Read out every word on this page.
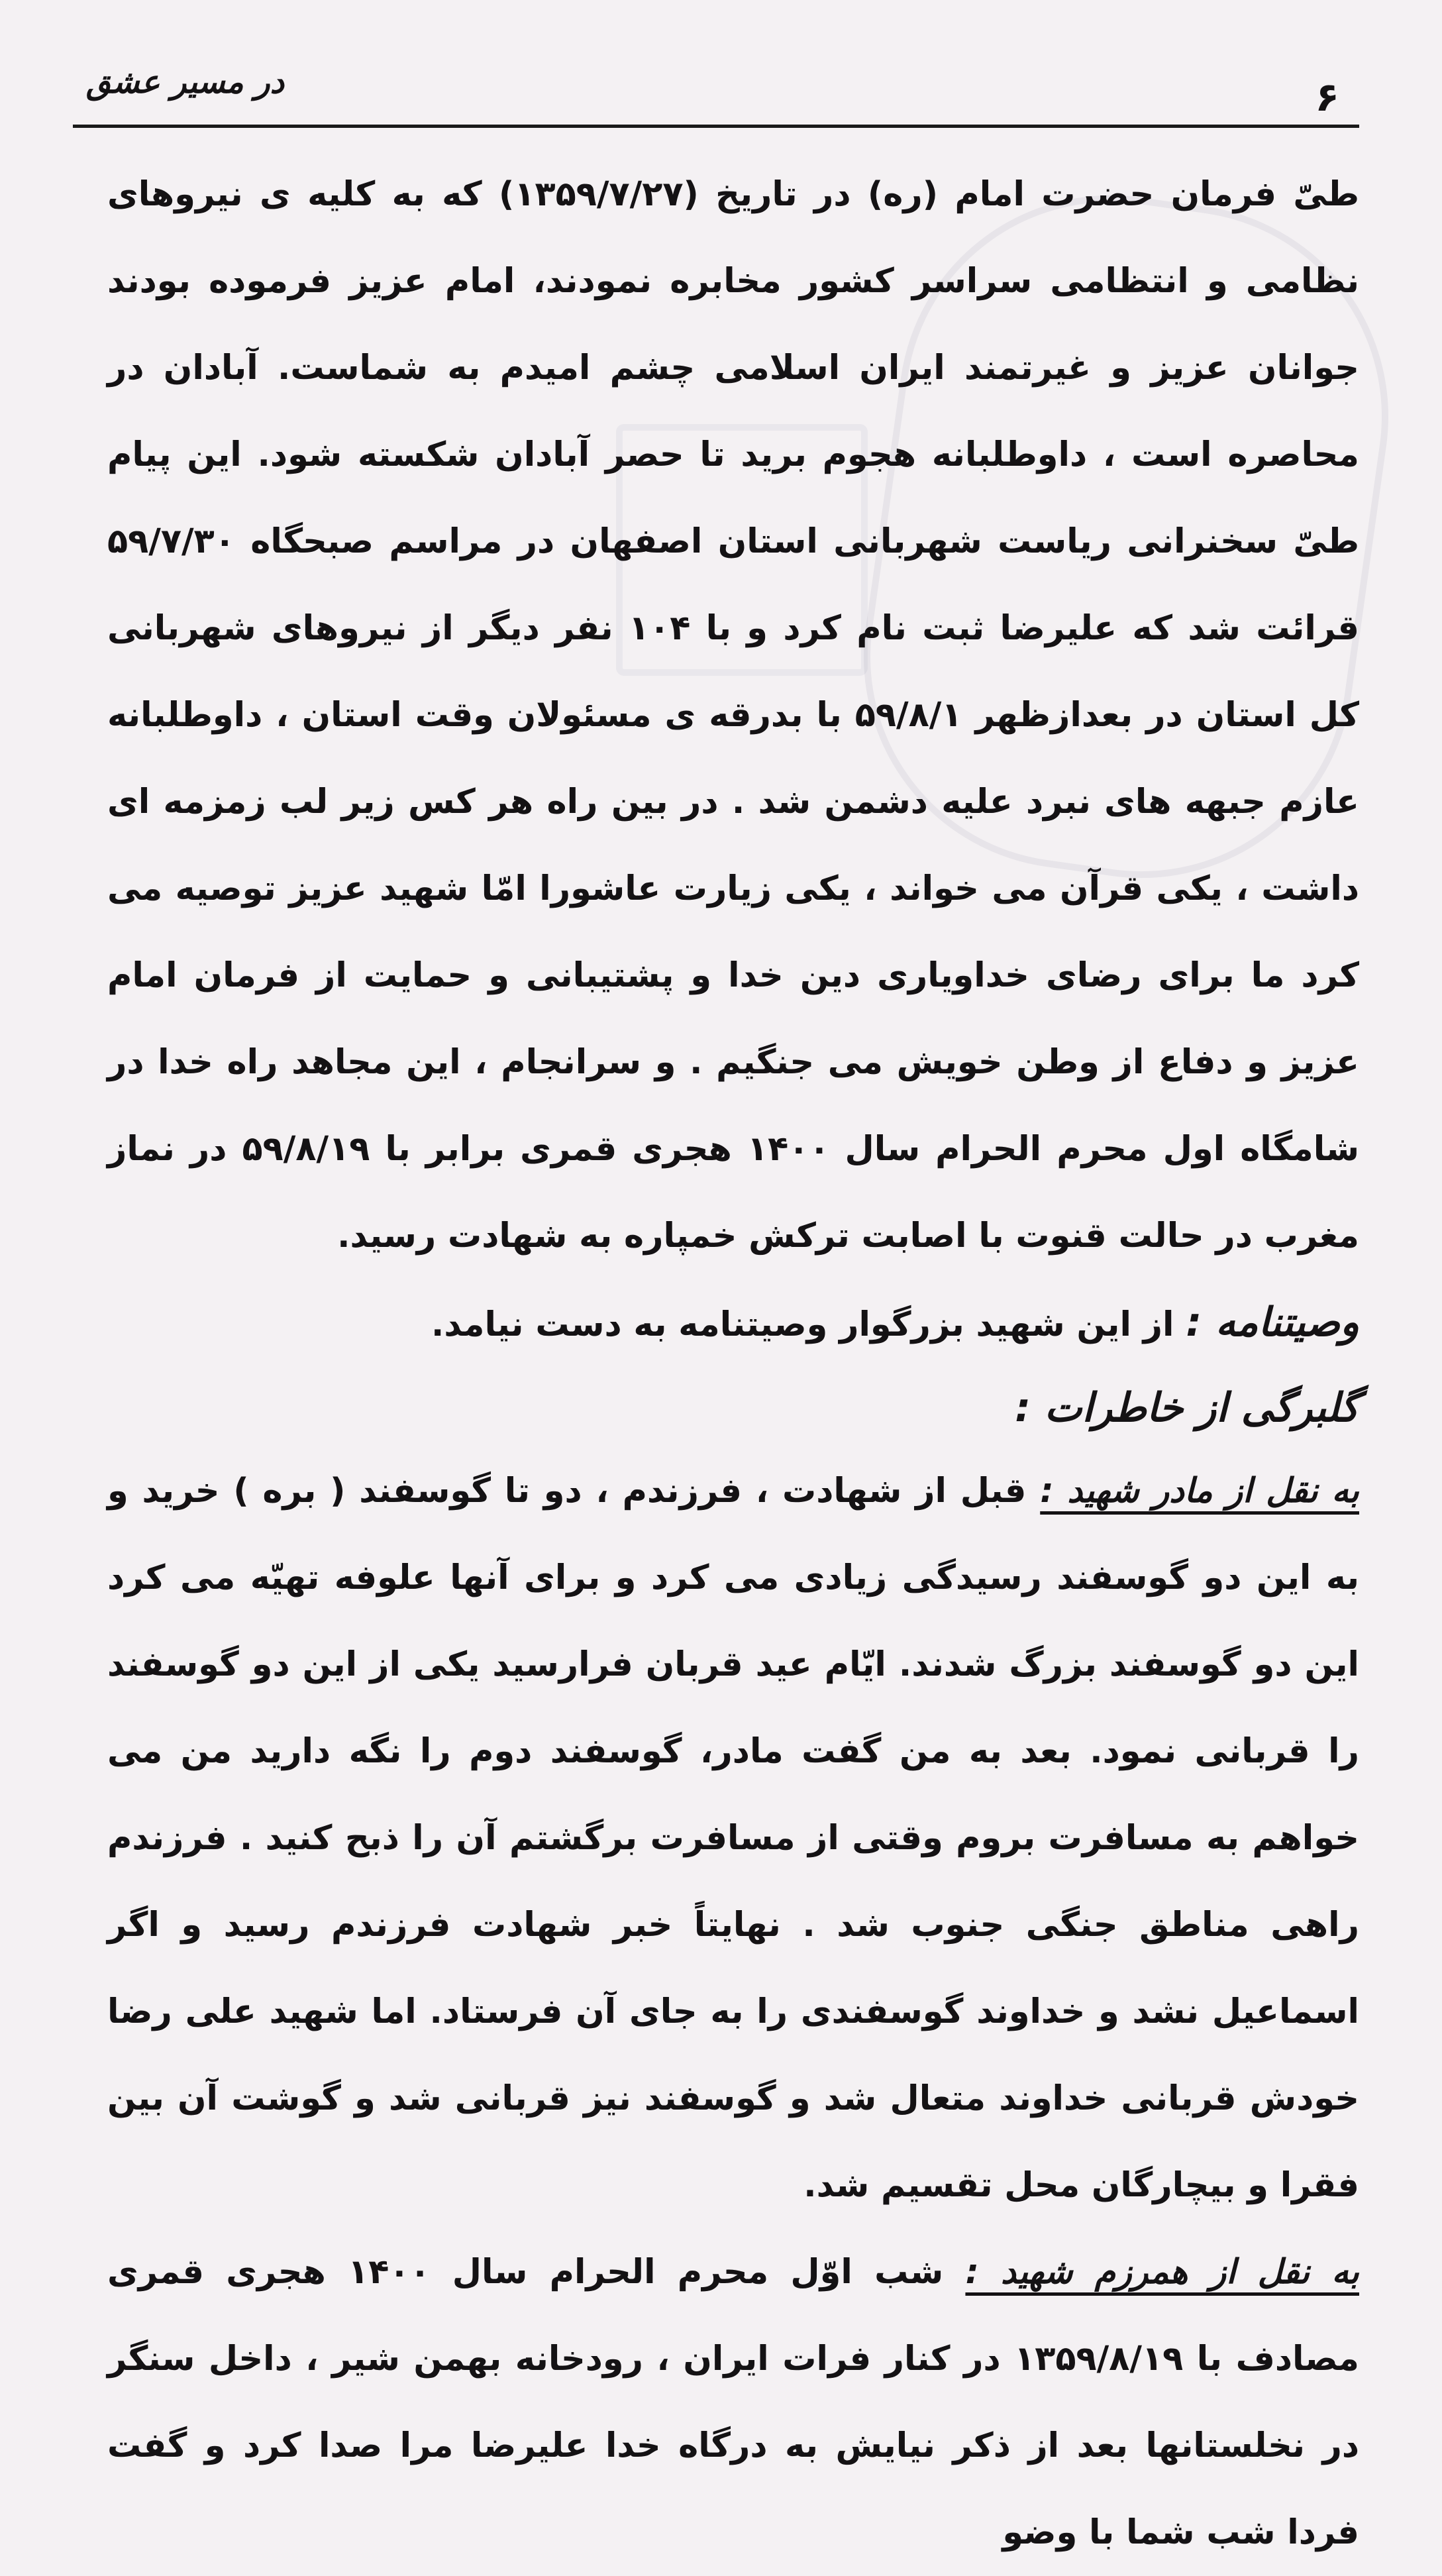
در مسیر عشق	۶

طیّ فرمان حضرت امام (ره) در تاریخ (۱۳۵۹/۷/۲۷) که به کلیه ی نیروهای نظامی و انتظامی سراسر کشور مخابره نمودند، امام عزیز فرموده بودند جوانان عزیز و غیرتمند ایران اسلامی چشم امیدم به شماست. آبادان در محاصره است ، داوطلبانه هجوم برید تا حصر آبادان شکسته شود. این پیام طیّ سخنرانی ریاست شهربانی استان اصفهان در مراسم صبحگاه ۵۹/۷/۳۰ قرائت شد که علیرضا ثبت نام کرد و با ۱۰۴ نفر دیگر از نیروهای شهربانی کل استان در بعدازظهر ۵۹/۸/۱ با بدرقه ی مسئولان وقت استان ، داوطلبانه عازم جبهه های نبرد علیه دشمن شد . در بین راه هر کس زیر لب زمزمه ای داشت ، یکی قرآن می خواند ، یکی زیارت عاشورا امّا شهید عزیز توصیه می کرد ما برای رضای خداویاری دین خدا و پشتیبانی و حمایت از فرمان امام عزیز و دفاع از وطن خویش می جنگیم . و سرانجام ، این مجاهد راه خدا در شامگاه اول محرم الحرام سال ۱۴۰۰ هجری قمری برابر با ۵۹/۸/۱۹ در نماز مغرب در حالت قنوت با اصابت ترکش خمپاره به شهادت رسید.

وصیتنامه : از این شهید بزرگوار وصیتنامه به دست نیامد.

گلبرگی از خاطرات :

به نقل از مادر شهید : قبل از شهادت ، فرزندم ، دو تا گوسفند ( بره ) خرید و به این دو گوسفند رسیدگی زیادی می کرد و برای آنها علوفه تهیّه می کرد این دو گوسفند بزرگ شدند. ایّام عید قربان فرارسید یکی از این دو گوسفند را قربانی نمود. بعد به من گفت مادر، گوسفند دوم را نگه دارید من می خواهم به مسافرت بروم وقتی از مسافرت برگشتم آن را ذبح کنید . فرزندم راهی مناطق جنگی جنوب شد . نهایتاً خبر شهادت فرزندم رسید و اگر اسماعیل نشد و خداوند گوسفندی را به جای آن فرستاد. اما شهید علی رضا خودش قربانی خداوند متعال شد و گوسفند نیز قربانی شد و گوشت آن بین فقرا و بیچارگان محل تقسیم شد.

به نقل از همرزم شهید : شب اوّل محرم الحرام سال ۱۴۰۰ هجری قمری مصادف با ۱۳۵۹/۸/۱۹ در کنار فرات ایران ، رودخانه بهمن شیر ، داخل سنگر در نخلستانها بعد از ذکر نیایش به درگاه خدا علیرضا مرا صدا کرد و گفت فردا شب شما با وضو
